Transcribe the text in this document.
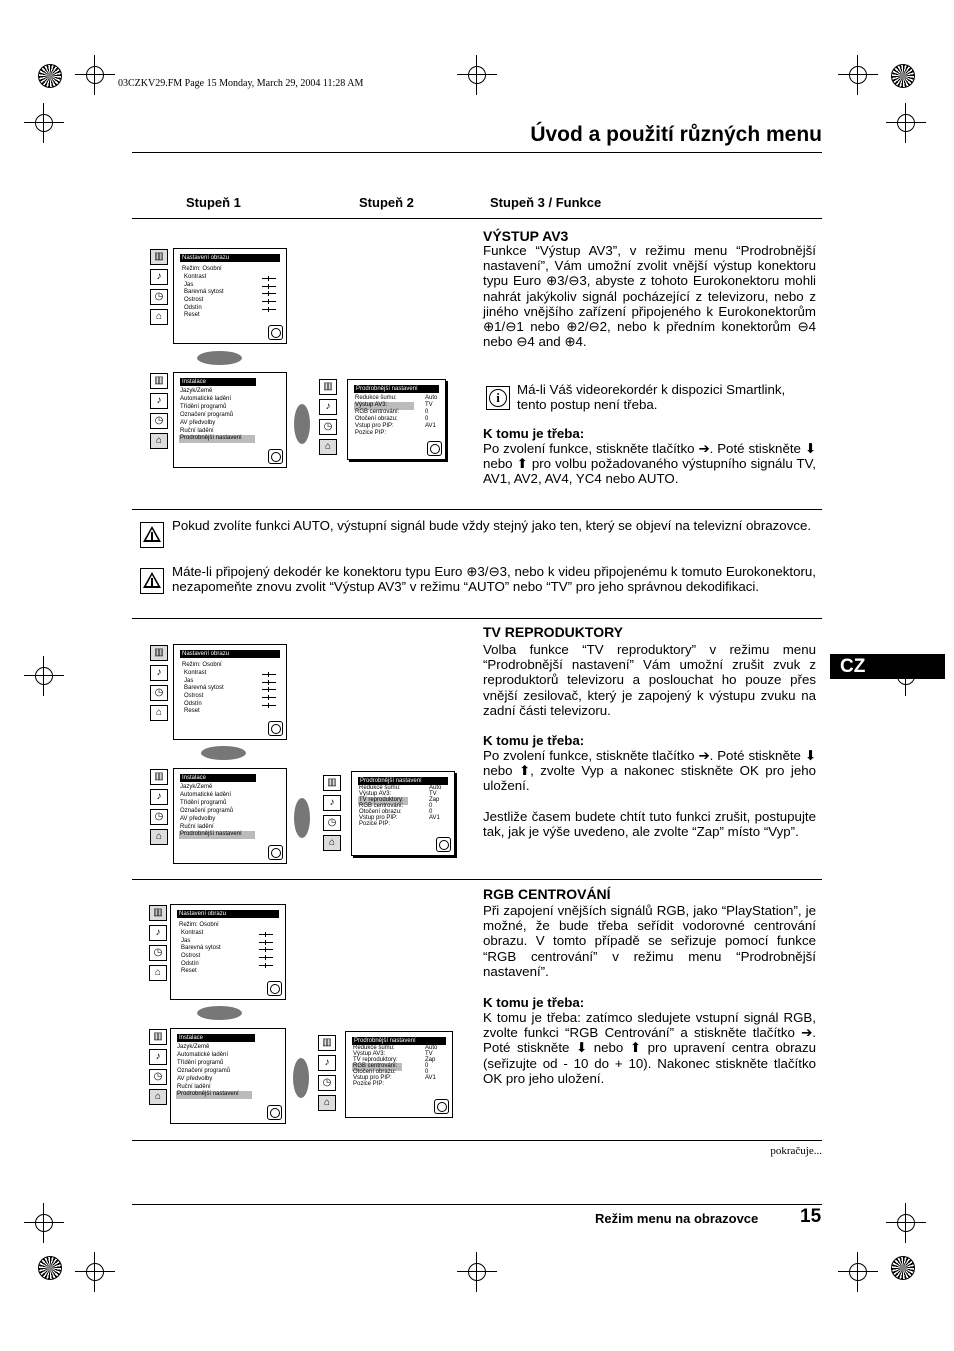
03CZKV29.FM Page 15 Monday, March 29, 2004 11:28 AM
Úvod a použití různých menu
Stupeň 1	Stupeň 2	Stupeň 3 / Funkce
CZ
▥
♪
◷
⌂
Nastavení obrazu
Režim: Osobní
Kontrast
Jas
Barevná sytost
Ostrost
Odstín
Reset
▥
♪
◷
⌂
Instalace
Jazyk/Země
Automatické ladění
Třídění programů
Označení programů
AV předvolby
Ruční ladění
Prodrobnější nastavení
▥
♪
◷
⌂
Prodrobnější nastavení
Redukce šumu:
Výstup AV3:
RGB centrování:
Otočení obrazu:
Vstup pro PIP:
Pozice PIP:
Auto
TV
0
0
AV1
VÝSTUP AV3
Funkce “Výstup AV3”, v režimu menu “Prodrobnější nastavení”, Vám umožní zvolit vnější výstup konektoru typu Euro ⊕3/⊖3, abyste z tohoto Eurokonektoru mohli nahrát jakýkoliv signál pocházející z televizoru, nebo z jiného vnějšího zařízení připojeného k Eurokonektorům ⊕1/⊖1 nebo ⊕2/⊖2, nebo k předním konektorům ⊖4 nebo ⊖4 and ⊕4.
i
Má-li Váš videorekordér k dispozici Smartlink, tento postup není třeba.
K tomu je třeba:
Po zvolení funkce, stiskněte tlačítko ➔. Poté stiskněte ⬇ nebo ⬆ pro volbu požadovaného výstupního signálu TV, AV1, AV2, AV4, YC4 nebo AUTO.
Pokud zvolíte funkci AUTO, výstupní signál bude vždy stejný jako ten, který se objeví na televizní obrazovce.
Máte-li připojený dekodér ke konektoru typu Euro ⊕3/⊖3, nebo k videu připojenému k tomuto Eurokonektoru, nezapomeňte znovu zvolit “Výstup AV3” v režimu “AUTO” nebo “TV” pro jeho správnou dekodifikaci.
▥
♪
◷
⌂
Nastavení obrazu
Režim: Osobní
Kontrast
Jas
Barevná sytost
Ostrost
Odstín
Reset
▥
♪
◷
⌂
Instalace
Jazyk/Země
Automatické ladění
Třídění programů
Označení programů
AV předvolby
Ruční ladění
Prodrobnější nastavení
▥
♪
◷
⌂
Prodrobnější nastavení
Redukce šumu:
Výstup AV3:
TV reproduktory:
RGB centrování:
Otočení obrazu:
Vstup pro PIP:
Pozice PIP:
Auto
TV
Zap
0
0
AV1
TV REPRODUKTORY
Volba funkce “TV reproduktory” v režimu menu “Prodrobnější nastavení” Vám umožní zrušit zvuk z reproduktorů televizoru a poslouchat ho pouze přes vnější zesilovač, který je zapojený k výstupu zvuku na zadní části televizoru.
K tomu je třeba:
Po zvolení funkce, stiskněte tlačítko ➔. Poté stiskněte ⬇ nebo ⬆, zvolte Vyp a nakonec stiskněte OK pro jeho uložení.
Jestliže časem budete chtít tuto funkci zrušit, postupujte tak, jak je výše uvedeno, ale zvolte “Zap” místo “Vyp”.
▥
♪
◷
⌂
Nastavení obrazu
Režim: Osobní
Kontrast
Jas
Barevná sytost
Ostrost
Odstín
Reset
▥
♪
◷
⌂
Instalace
Jazyk/Země
Automatické ladění
Třídění programů
Označení programů
AV předvolby
Ruční ladění
Prodrobnější nastavení
▥
♪
◷
⌂
Prodrobnější nastavení
Redukce šumu:
Výstup AV3:
TV reproduktory:
RGB centrování:
Otočení obrazu:
Vstup pro PIP:
Pozice PIP:
Auto
TV
Zap
0
0
AV1
RGB CENTROVÁNÍ
Při zapojení vnějších signálů RGB, jako “PlayStation”, je možné, že bude třeba seřídit vodorovné centrování obrazu. V tomto případě se seřizuje pomocí funkce “RGB centrování” v režimu menu “Prodrobnější nastavení”.
K tomu je třeba:
K tomu je třeba: zatímco sledujete vstupní signál RGB, zvolte funkci “RGB Centrování” a stiskněte tlačítko ➔. Poté stiskněte ⬇ nebo ⬆ pro upravení centra obrazu (seřizujte od - 10 do + 10). Nakonec stiskněte tlačítko OK pro jeho uložení.
pokračuje...
Režim menu na obrazovce 15
